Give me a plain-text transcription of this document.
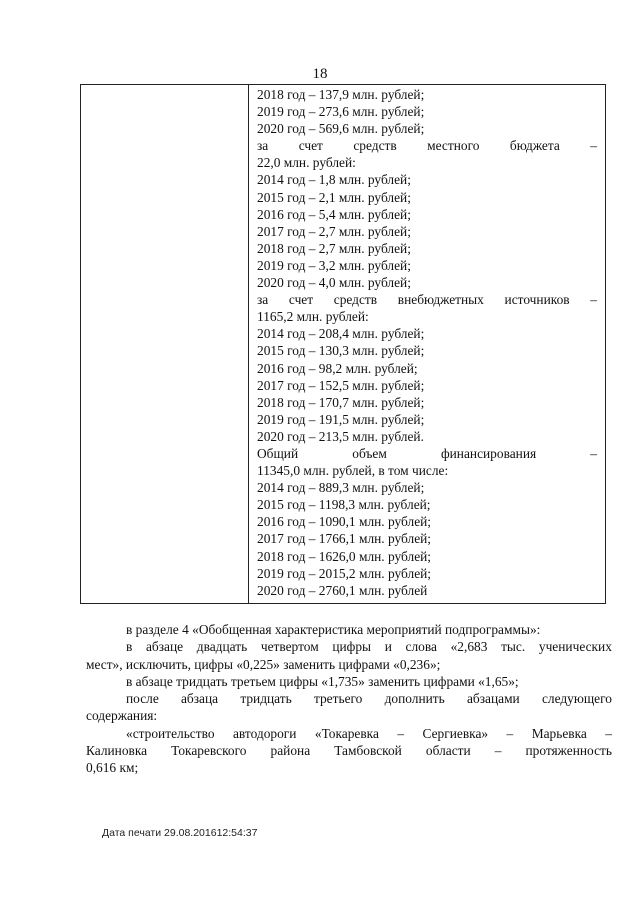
18
2018 год – 137,9 млн. рублей;
2019 год – 273,6 млн. рублей;
2020 год – 569,6 млн. рублей;
за счет средств местного бюджета –
22,0 млн. рублей:
2014 год – 1,8 млн. рублей;
2015 год – 2,1 млн. рублей;
2016 год – 5,4 млн. рублей;
2017 год – 2,7 млн. рублей;
2018 год – 2,7 млн. рублей;
2019 год – 3,2 млн. рублей;
2020 год – 4,0 млн. рублей;
за счет средств внебюджетных источников –
1165,2 млн. рублей:
2014 год – 208,4 млн. рублей;
2015 год – 130,3 млн. рублей;
2016 год – 98,2 млн. рублей;
2017 год – 152,5 млн. рублей;
2018 год – 170,7 млн. рублей;
2019 год – 191,5 млн. рублей;
2020 год – 213,5 млн. рублей.
Общий	объем	финансирования	–
11345,0 млн. рублей, в том числе:
2014 год – 889,3 млн. рублей;
2015 год – 1198,3 млн. рублей;
2016 год – 1090,1 млн. рублей;
2017 год – 1766,1 млн. рублей;
2018 год – 1626,0 млн. рублей;
2019 год – 2015,2 млн. рублей;
2020 год – 2760,1 млн. рублей
в разделе 4 «Обобщенная характеристика мероприятий подпрограммы»:
в абзаце двадцать четвертом цифры и слова «2,683 тыс. ученических
мест», исключить, цифры «0,225» заменить цифрами «0,236»;
в абзаце тридцать третьем цифры «1,735» заменить цифрами «1,65»;
после абзаца тридцать третьего дополнить абзацами следующего
содержания:
«строительство автодороги «Токаревка – Сергиевка» – Марьевка –
Калиновка Токаревского района Тамбовской области – протяженность
0,616 км;
Дата печати 29.08.201612:54:37
